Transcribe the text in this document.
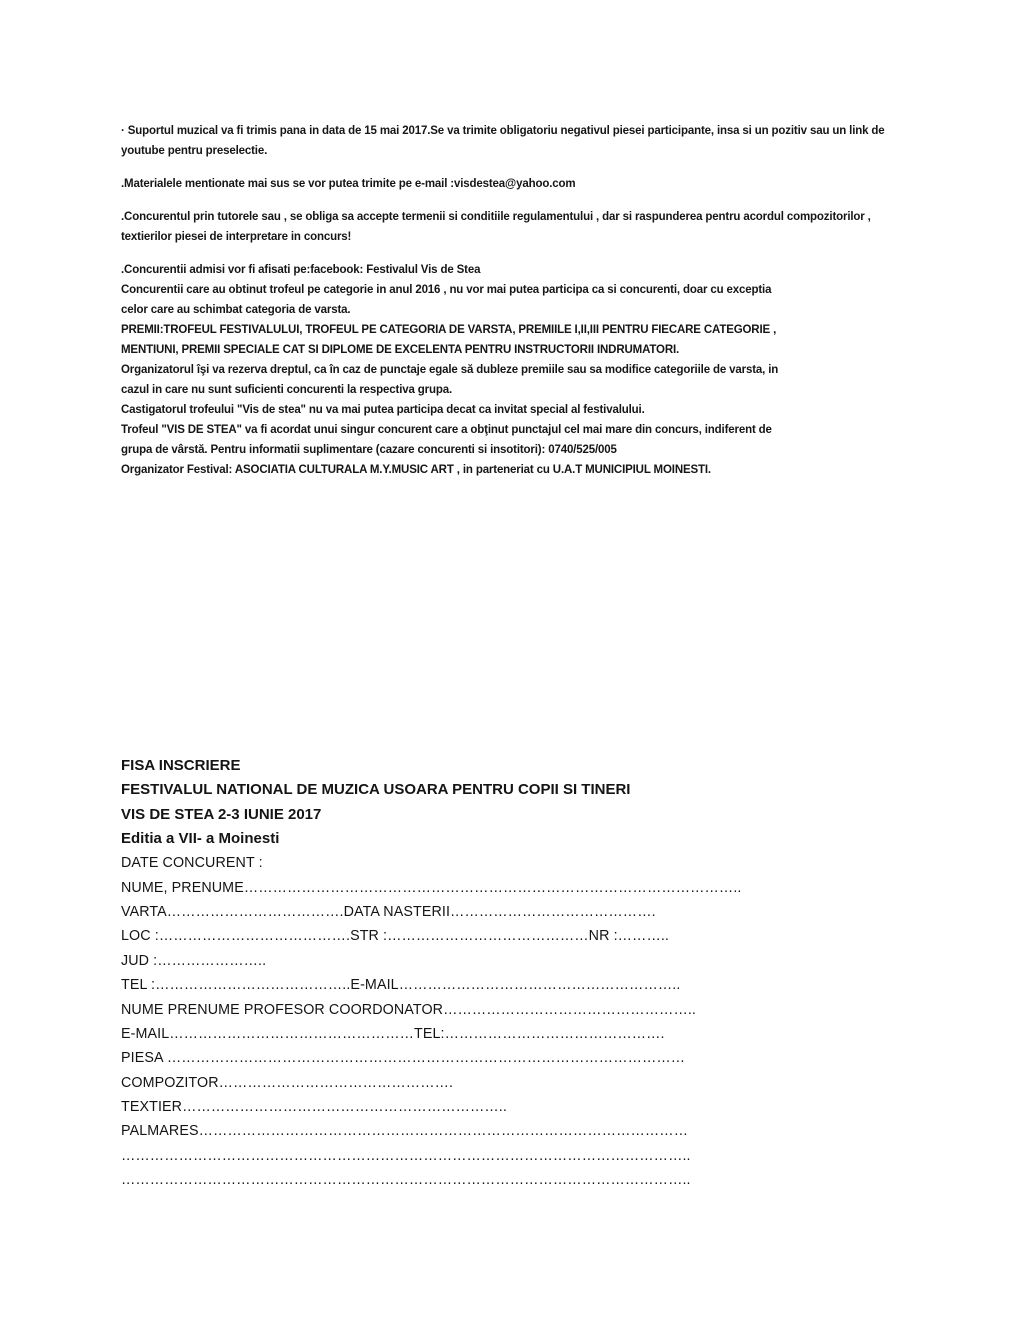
· Suportul muzical va fi trimis pana in data de 15 mai 2017.Se va trimite obligatoriu negativul piesei participante, insa si un pozitiv sau un link de youtube pentru preselectie.

.Materialele mentionate mai sus se vor putea trimite pe e-mail :visdestea@yahoo.com

.Concurentul prin tutorele sau , se obliga sa accepte termenii si conditiile regulamentului , dar si raspunderea pentru acordul compozitorilor , textierilor piesei de interpretare in concurs!

.Concurentii admisi vor fi afisati pe:facebook: Festivalul Vis de Stea
Concurentii care au obtinut trofeul pe categorie in anul 2016 , nu vor mai putea participa ca si concurenti, doar cu exceptia
celor care au schimbat categoria de varsta.
PREMII:TROFEUL FESTIVALULUI, TROFEUL PE CATEGORIA DE VARSTA, PREMIILE I,II,III PENTRU FIECARE CATEGORIE ,
MENTIUNI, PREMII SPECIALE CAT SI DIPLOME DE EXCELENTA PENTRU INSTRUCTORII INDRUMATORI.
Organizatorul îşi va rezerva dreptul, ca în caz de punctaje egale să dubleze premiile sau sa modifice categoriile de varsta, in
cazul in care nu sunt suficienti concurenti la respectiva grupa.
Castigatorul trofeului "Vis de stea" nu va mai putea participa decat ca invitat special al festivalului.
Trofeul "VIS DE STEA" va fi acordat unui singur concurent care a obţinut punctajul cel mai mare din concurs, indiferent de
grupa de vârstă. Pentru informatii suplimentare (cazare concurenti si insotitori): 0740/525/005
Organizator Festival: ASOCIATIA CULTURALA M.Y.MUSIC ART , in parteneriat cu U.A.T MUNICIPIUL MOINESTI.
FISA INSCRIERE
FESTIVALUL NATIONAL DE MUZICA USOARA PENTRU COPII SI TINERI
VIS DE STEA 2-3 IUNIE 2017
Editia a VII- a Moinesti
DATE CONCURENT :
NUME, PRENUME…………………………………………………………………………………………..
VARTA……………………………….DATA NASTERII…………………………………….
LOC :………………………………….STR :……………………………………NR :………..
JUD :…………………..
TEL :…………………………………..E-MAIL…………………………………………………..
NUME PRENUME PROFESOR COORDONATOR……………………………………………..
E-MAIL……………………………………………TEL:……………………………………….
PIESA ………………………………………………………………………………………………
COMPOZITOR………………………………………….
TEXTIER…………………………………………………………..
PALMARES…………………………………………………………………………………………
………………………………………………………………………………………………………..
………………………………………………………………………………………………………..
